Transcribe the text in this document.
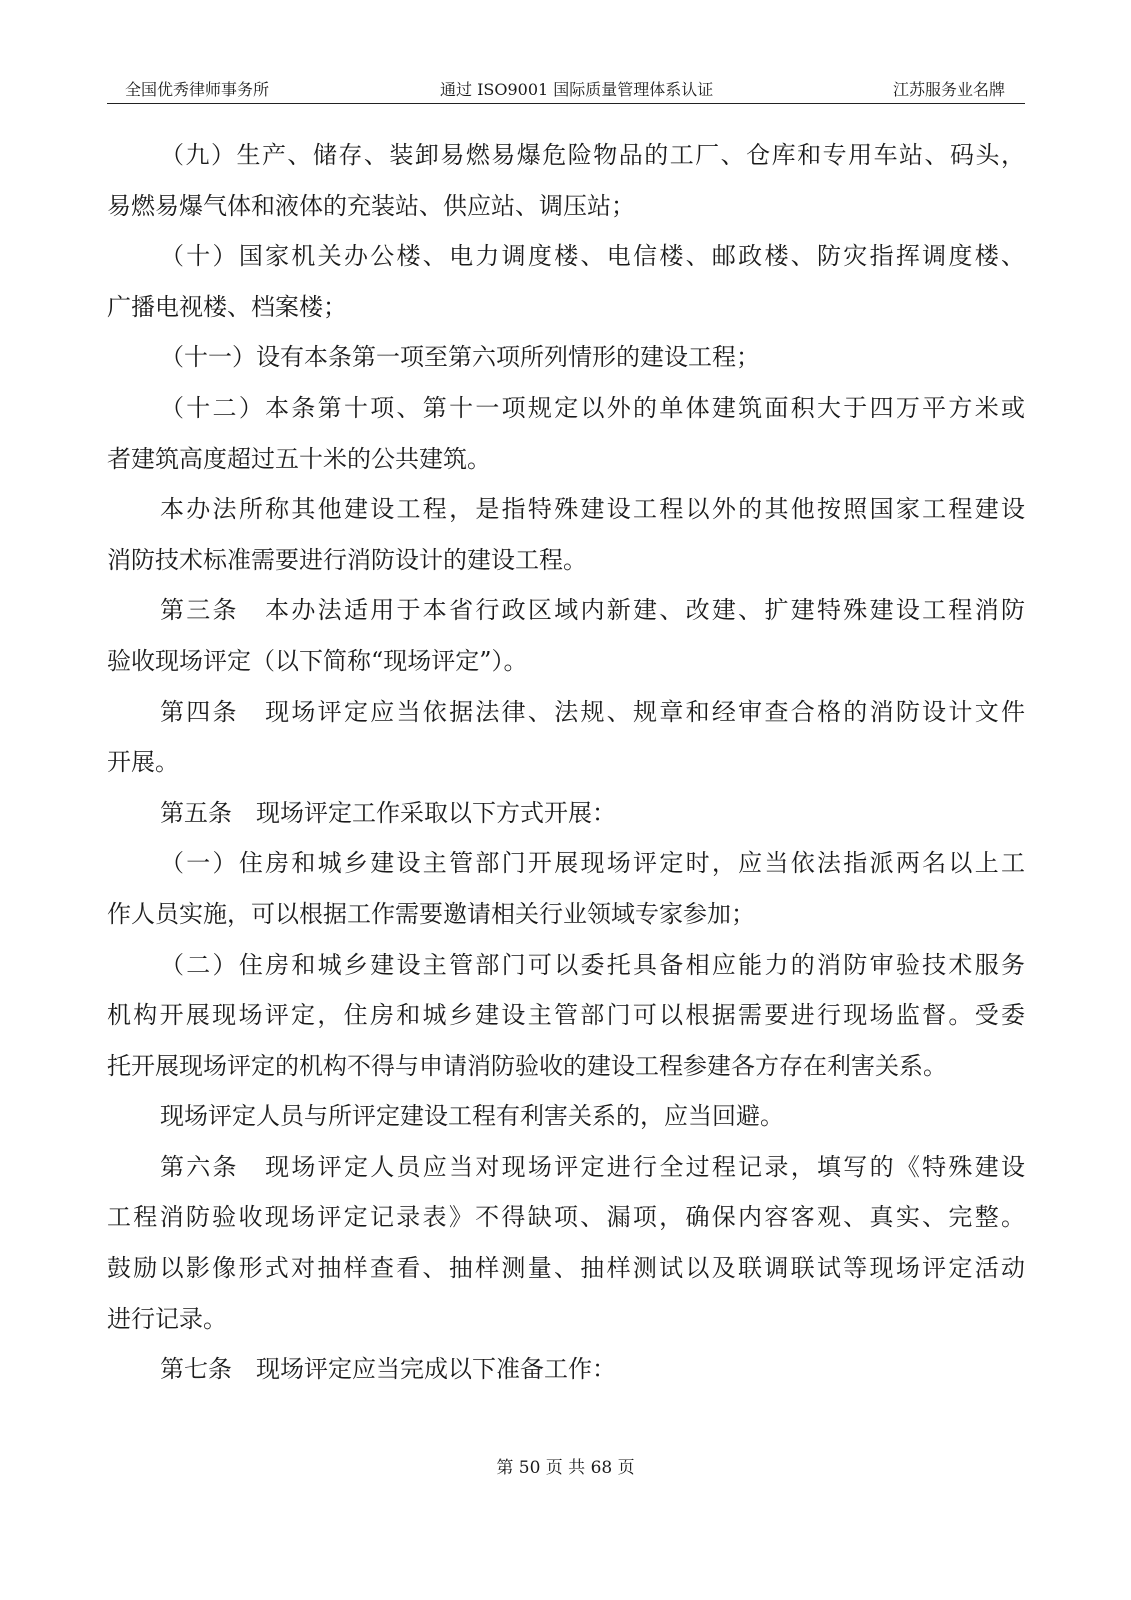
全国优秀律师事务所	通过 ISO9001 国际质量管理体系认证	江苏服务业名牌
（九）生产、储存、装卸易燃易爆危险物品的工厂、仓库和专用车站、码头，
易燃易爆气体和液体的充装站、供应站、调压站；
（十）国家机关办公楼、电力调度楼、电信楼、邮政楼、防灾指挥调度楼、
广播电视楼、档案楼；
（十一）设有本条第一项至第六项所列情形的建设工程；
（十二）本条第十项、第十一项规定以外的单体建筑面积大于四万平方米或
者建筑高度超过五十米的公共建筑。
本办法所称其他建设工程，是指特殊建设工程以外的其他按照国家工程建设
消防技术标准需要进行消防设计的建设工程。
第三条　本办法适用于本省行政区域内新建、改建、扩建特殊建设工程消防
验收现场评定（以下简称“现场评定”）。
第四条　现场评定应当依据法律、法规、规章和经审查合格的消防设计文件
开展。
第五条　现场评定工作采取以下方式开展：
（一）住房和城乡建设主管部门开展现场评定时，应当依法指派两名以上工
作人员实施，可以根据工作需要邀请相关行业领域专家参加；
（二）住房和城乡建设主管部门可以委托具备相应能力的消防审验技术服务
机构开展现场评定，住房和城乡建设主管部门可以根据需要进行现场监督。受委
托开展现场评定的机构不得与申请消防验收的建设工程参建各方存在利害关系。
现场评定人员与所评定建设工程有利害关系的，应当回避。
第六条　现场评定人员应当对现场评定进行全过程记录，填写的《特殊建设
工程消防验收现场评定记录表》不得缺项、漏项，确保内容客观、真实、完整。
鼓励以影像形式对抽样查看、抽样测量、抽样测试以及联调联试等现场评定活动
进行记录。
第七条　现场评定应当完成以下准备工作：
第 50 页 共 68 页
